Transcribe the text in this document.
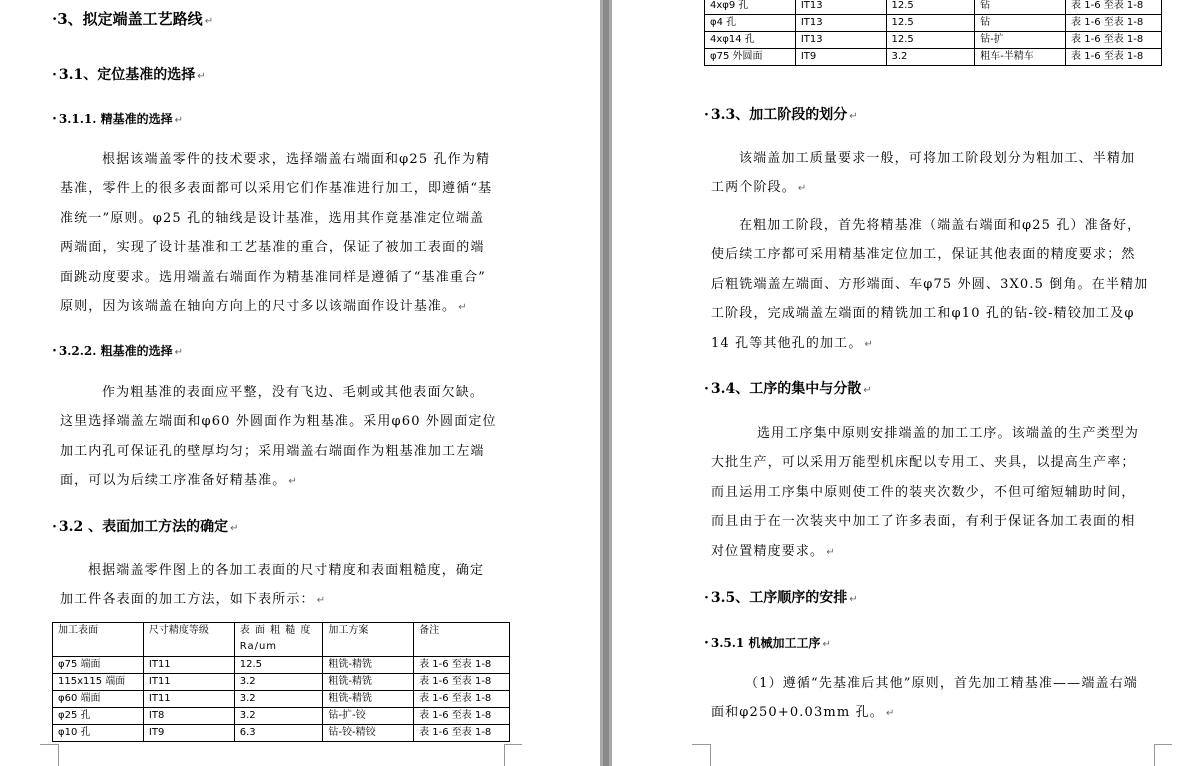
·3、拟定端盖工艺路线 ↵
· 3.1、定位基准的选择 ↵
· 3.1.1. 精基准的选择 ↵
根据该端盖零件的技术要求，选择端盖右端面和φ25 孔作为精
基准，零件上的很多表面都可以采用它们作基准进行加工，即遵循“基
准统一”原则。φ25 孔的轴线是设计基准，选用其作竟基准定位端盖
两端面，实现了设计基准和工艺基准的重合，保证了被加工表面的端
面跳动度要求。选用端盖右端面作为精基准同样是遵循了“基准重合”
原则，因为该端盖在轴向方向上的尺寸多以该端面作设计基准。 ↵
· 3.2.2. 粗基准的选择 ↵
作为粗基准的表面应平整，没有飞边、毛刺或其他表面欠缺。
这里选择端盖左端面和φ60 外圆面作为粗基准。采用φ60 外圆面定位
加工内孔可保证孔的壁厚均匀；采用端盖右端面作为粗基准加工左端
面，可以为后续工序准备好精基准。 ↵
· 3.2 、表面加工方法的确定 ↵
根据端盖零件图上的各加工表面的尺寸精度和表面粗糙度，确定
加工件各表面的加工方法，如下表所示： ↵
加工表面	尺寸精度等级	表 面 粗 糙 度 Ra/um	加工方案	备注
φ75 端面	IT11	12.5	粗铣-精铣	表 1-6 至表 1-8
115x115 端面	IT11	3.2	粗铣-精铣	表 1-6 至表 1-8
φ60 端面	IT11	3.2	粗铣-精铣	表 1-6 至表 1-8
φ25 孔	IT8	3.2	钻-扩-铰	表 1-6 至表 1-8
φ10 孔	IT9	6.3	钻-铰-精铰	表 1-6 至表 1-8
4xφ9 孔	IT13	12.5	钻	表 1-6 至表 1-8
φ4 孔	IT13	12.5	钻	表 1-6 至表 1-8
4xφ14 孔	IT13	12.5	钻-扩	表 1-6 至表 1-8
φ75 外圆面	IT9	3.2	粗车-半精车	表 1-6 至表 1-8
· 3.3、加工阶段的划分 ↵
该端盖加工质量要求一般，可将加工阶段划分为粗加工、半精加
工两个阶段。 ↵
在粗加工阶段，首先将精基准（端盖右端面和φ25 孔）准备好，
使后续工序都可采用精基准定位加工，保证其他表面的精度要求；然
后粗铣端盖左端面、方形端面、车φ75 外圆、3X0.5 倒角。在半精加
工阶段，完成端盖左端面的精铣加工和φ10 孔的钻-铰-精铰加工及φ
14 孔等其他孔的加工。 ↵
· 3.4、工序的集中与分散 ↵
选用工序集中原则安排端盖的加工工序。该端盖的生产类型为
大批生产，可以采用万能型机床配以专用工、夹具，以提高生产率；
而且运用工序集中原则使工件的装夹次数少，不但可缩短辅助时间，
而且由于在一次装夹中加工了许多表面，有利于保证各加工表面的相
对位置精度要求。 ↵
· 3.5、工序顺序的安排 ↵
· 3.5.1 机械加工工序 ↵
（1）遵循“先基准后其他”原则，首先加工精基准——端盖右端
面和φ250+0.03mm 孔。 ↵
